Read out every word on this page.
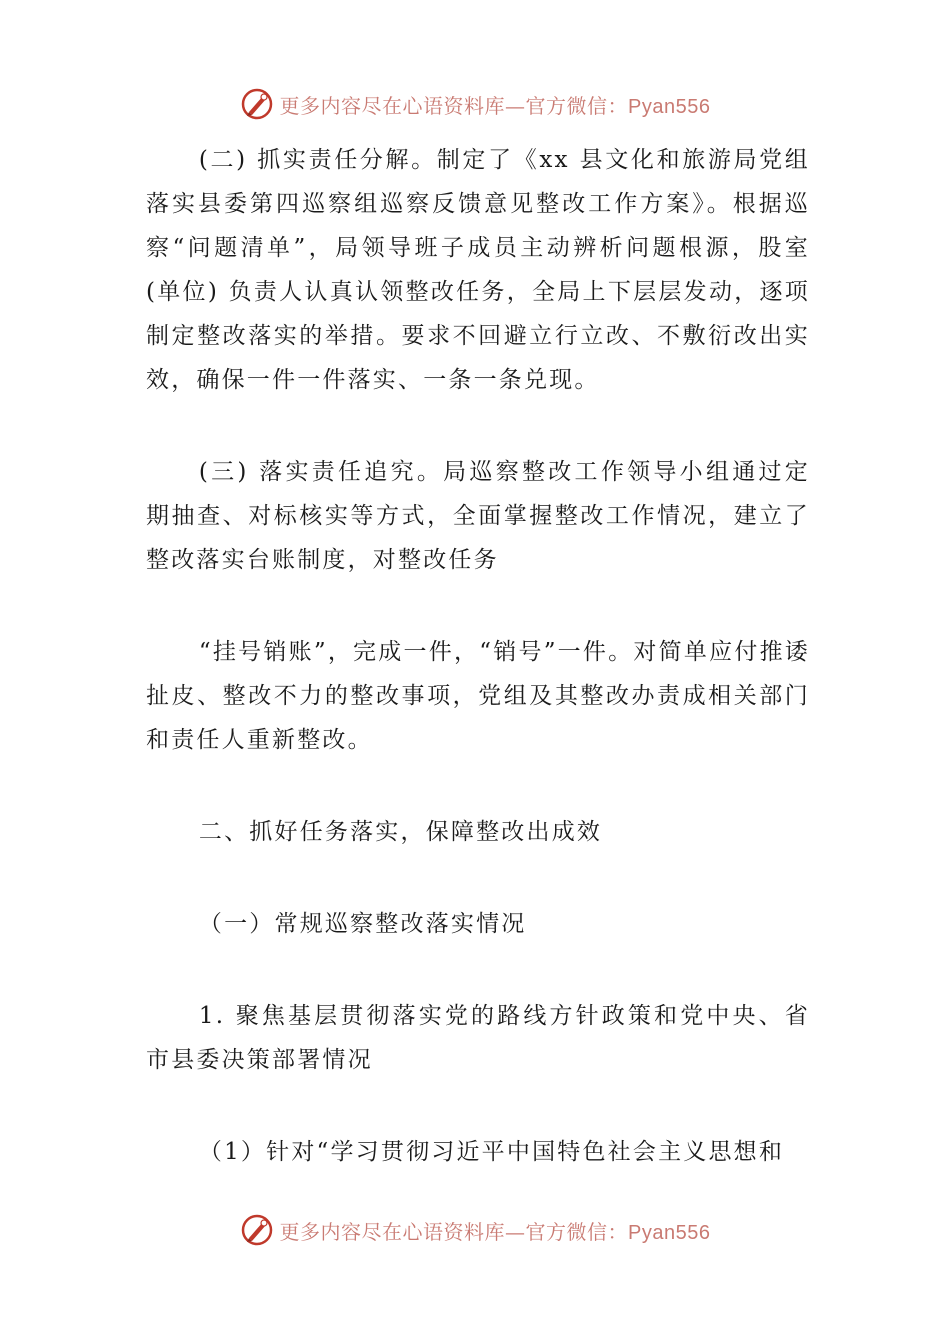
更多内容尽在心语资料库—官方微信：Pyan556

(二) 抓实责任分解。制定了《xx 县文化和旅游局党组落实县委第四巡察组巡察反馈意见整改工作方案》。根据巡察“问题清单”，局领导班子成员主动辨析问题根源，股室(单位) 负责人认真认领整改任务，全局上下层层发动，逐项制定整改落实的举措。要求不回避立行立改、不敷衍改出实效，确保一件一件落实、一条一条兑现。

(三) 落实责任追究。局巡察整改工作领导小组通过定期抽查、对标核实等方式，全面掌握整改工作情况，建立了整改落实台账制度，对整改任务

“挂号销账”，完成一件，“销号”一件。对简单应付推诿扯皮、整改不力的整改事项，党组及其整改办责成相关部门和责任人重新整改。

二、抓好任务落实，保障整改出成效

（一）常规巡察整改落实情况

1. 聚焦基层贯彻落实党的路线方针政策和党中央、省市县委决策部署情况

（1）针对“学习贯彻习近平中国特色社会主义思想和

更多内容尽在心语资料库—官方微信：Pyan556
